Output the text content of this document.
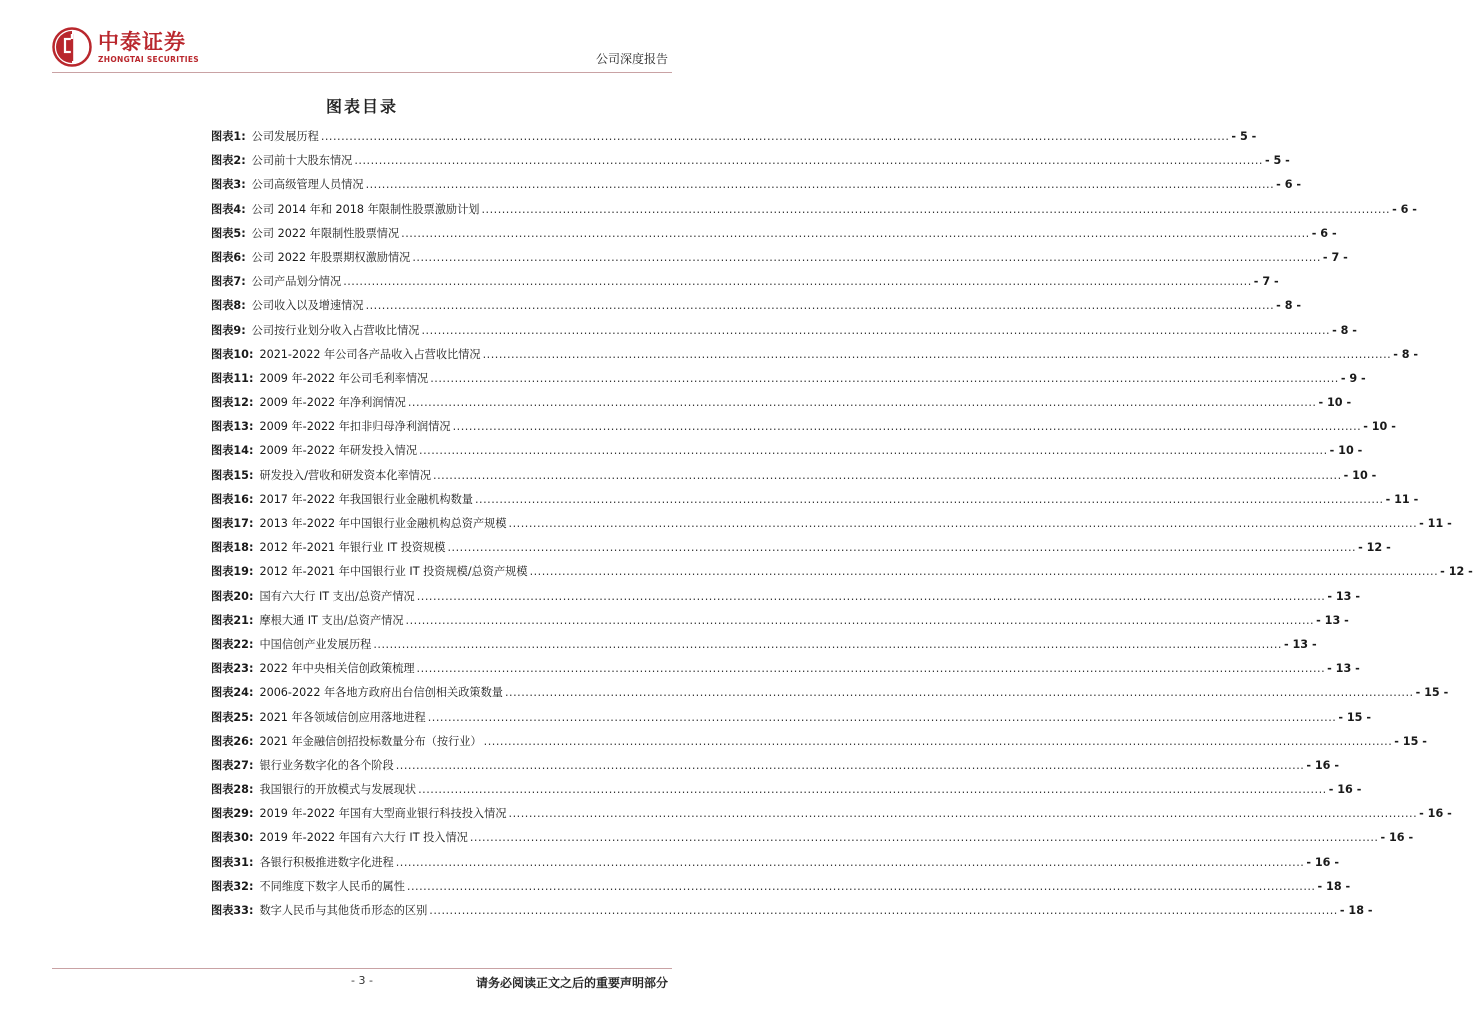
中泰证券
ZHONGTAI SECURITIES	公司深度报告
图表目录
图表 1 : 公司发展历程 .....	- 5 -
图表 2 : 公司前十大股东情况 .....	- 5 -
图表 3 : 公司高级管理人员情况 .....	- 6 -
图表 4 : 公司 2014 年和 2018 年限制性股票激励计划 .....	- 6 -
图表 5 : 公司 2022 年限制性股票情况 .....	- 6 -
图表 6 : 公司 2022 年股票期权激励情况 .....	- 7 -
图表 7 : 公司产品划分情况 .....	- 7 -
图表 8 : 公司收入以及增速情况 .....	- 8 -
图表 9 : 公司按行业划分收入占营收比情况 .....	- 8 -
图表 10 : 2021-2022 年公司各产品收入占营收比情况 .....	- 8 -
图表 11 : 2009 年-2022 年公司毛利率情况 .....	- 9 -
图表 12 : 2009 年-2022 年净利润情况 .....	- 10 -
图表 13 : 2009 年-2022 年扣非归母净利润情况 .....	- 10 -
图表 14 : 2009 年-2022 年研发投入情况 .....	- 10 -
图表 15 : 研发投入/营收和研发资本化率情况 .....	- 10 -
图表 16 : 2017 年-2022 年我国银行业金融机构数量 .....	- 11 -
图表 17 : 2013 年-2022 年中国银行业金融机构总资产规模 .....	- 11 -
图表 18 : 2012 年-2021 年银行业 IT 投资规模 .....	- 12 -
图表 19 : 2012 年-2021 年中国银行业 IT 投资规模/总资产规模 .....	- 12 -
图表 20 : 国有六大行 IT 支出/总资产情况 .....	- 13 -
图表 21 : 摩根大通 IT 支出/总资产情况 .....	- 13 -
图表 22 : 中国信创产业发展历程 .....	- 13 -
图表 23 : 2022 年中央相关信创政策梳理 .....	- 13 -
图表 24 : 2006-2022 年各地方政府出台信创相关政策数量 .....	- 15 -
图表 25 : 2021 年各领域信创应用落地进程 .....	- 15 -
图表 26 : 2021 年金融信创招投标数量分布（按行业） .....	- 15 -
图表 27 : 银行业务数字化的各个阶段 .....	- 16 -
图表 28 : 我国银行的开放模式与发展现状 .....	- 16 -
图表 29 : 2019 年-2022 年国有大型商业银行科技投入情况 .....	- 16 -
图表 30 : 2019 年-2022 年国有六大行 IT 投入情况 .....	- 16 -
图表 31 : 各银行积极推进数字化进程 .....	- 16 -
图表 32 : 不同维度下数字人民币的属性 .....	- 18 -
图表 33 : 数字人民币与其他货币形态的区别 .....	- 18 -
- 3 -	请务必阅读正文之后的重要声明部分
